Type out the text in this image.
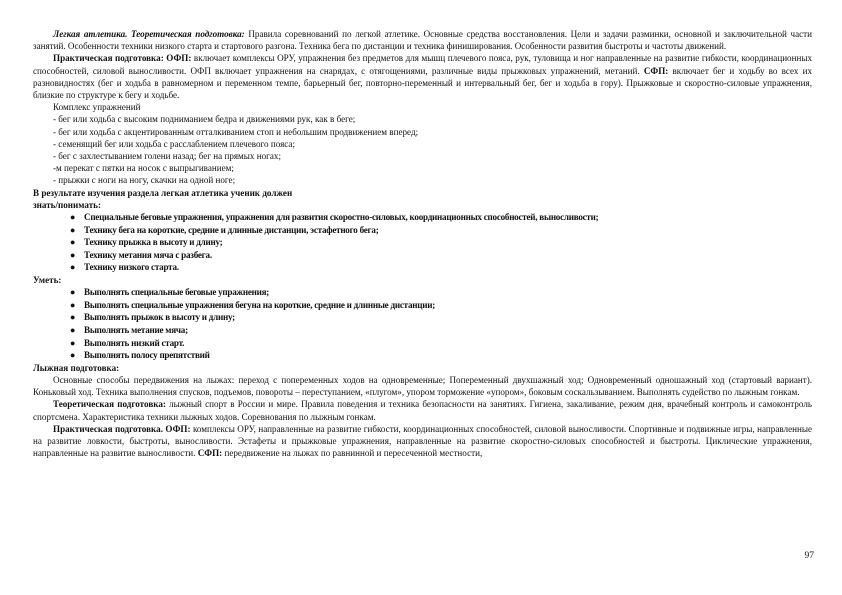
Легкая атлетика. Теоретическая подготовка: Правила соревнований по легкой атлетике. Основные средства восстановления. Цели и задачи разминки, основной и заключительной части занятий. Особенности техники низкого старта и стартового разгона. Техника бега по дистанции и техника финиширования. Особенности развития быстроты и частоты движений.

Практическая подготовка: ОФП: включает комплексы ОРУ, упражнения без предметов для мышц плечевого пояса, рук, туловища и ног направленные на развитие гибкости, координационных способностей, силовой выносливости. ОФП включает упражнения на снарядах, с отягощениями, различные виды прыжковых упражнений, метаний. СФП: включает бег и ходьбу во всех их разновидностях (бег и ходьба в равномерном и переменном темпе, барьерный бег, повторно-переменный и интервальный бег, бег и ходьба в гору). Прыжковые и скоростно-силовые упражнения, близкие по структуре к бегу и ходьбе.

Комплекс упражнений

- бег или ходьба с высоким подниманием бедра и движениями рук, как в беге;

- бег или ходьба с акцентированным отталкиванием стоп и небольшим продвижением вперед;

- семенящий бег или ходьба с расслаблением плечевого пояса;

- бег с захлестыванием голени назад; бег на прямых ногах;

-м перекат с пятки на носок с выпрыгиванием;

- прыжки с ноги на ногу, скачки на одной ноге;

В результате изучения раздела легкая атлетика ученик должен

знать/понимать:

● Специальные беговые упражнения, упражнения для развития скоростно-силовых, координационных способностей, выносливости;
● Технику бега на короткие, средние и длинные дистанции, эстафетного бега;
● Технику прыжка в высоту и длину;
● Технику метания мяча с разбега.
● Технику низкого старта.

Уметь:

● Выполнять специальные беговые упражнения;
● Выполнять специальные упражнения бегуна на короткие, средние и длинные дистанции;
● Выполнять прыжок в высоту и длину;
● Выполнять метание мяча;
● Выполнять низкий старт.
● Выполнять полосу препятствий

Лыжная подготовка:

Основные способы передвижения на лыжах: переход с попеременных ходов на одновременные; Попеременный двухшажный ход; Одновременный одношажный ход (стартовый вариант). Коньковый ход. Техника выполнения спусков, подъемов, повороты – переступанием, «плугом», упором торможение «упором», боковым соскальзыванием. Выполнять судейство по лыжным гонкам.

Теоретическая подготовка: лыжный спорт в России и мире. Правила поведения и техника безопасности на занятиях. Гигиена, закаливание, режим дня, врачебный контроль и самоконтроль спортсмена. Характеристика техники лыжных ходов. Соревнования по лыжным гонкам.

Практическая подготовка. ОФП: комплексы ОРУ, направленные на развитие гибкости, координационных способностей, силовой выносливости. Спортивные и подвижные игры, направленные на развитие ловкости, быстроты, выносливости. Эстафеты и прыжковые упражнения, направленные на развитие скоростно-силовых способностей и быстроты. Циклические упражнения, направленные на развитие выносливости. СФП: передвижение на лыжах по равнинной и пересеченной местности,

97
